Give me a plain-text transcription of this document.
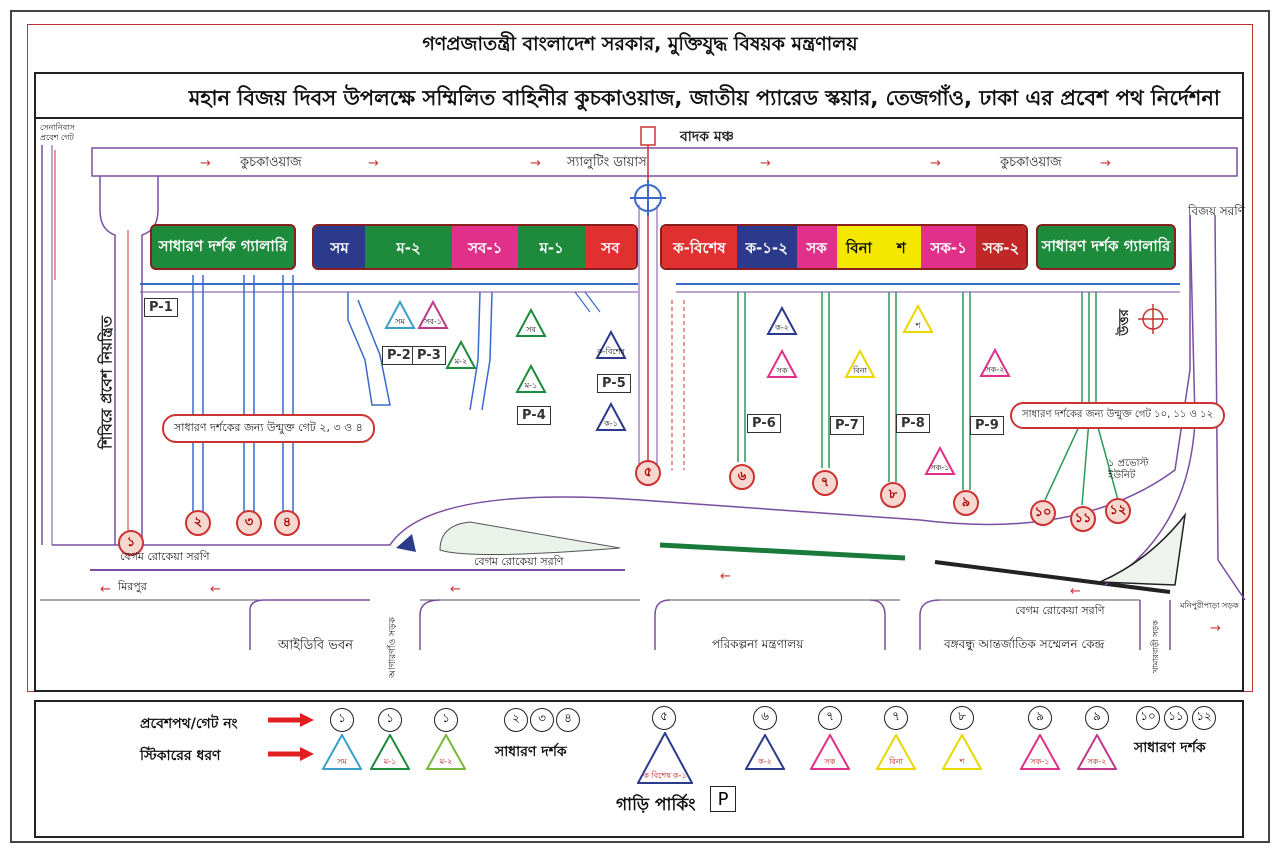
গণপ্রজাতন্ত্রী বাংলাদেশ সরকার, মুক্তিযুদ্ধ বিষয়ক মন্ত্রণালয়
মহান বিজয় দিবস উপলক্ষে সম্মিলিত বাহিনীর কুচকাওয়াজ, জাতীয় প্যারেড স্কয়ার, তেজগাঁও, ঢাকা এর প্রবেশ পথ নির্দেশনা
→	→	→	→	→	→
←	←	←
←
←
→
বাদক মঞ্চ
কুচকাওয়াজ	স্যালুটিং ডায়াস	কুচকাওয়াজ
সেনানিবাস প্রবেশ গেট
শিবিরে প্রবেশ নিয়ন্ত্রিত
বিজয় সরণি
উত্তর
সাধারণ দর্শক গ্যালারি	সম	ম-২	সব-১	ম-১	সব	ক-বিশেষ	ক-১-২	সক	বিনা	শ	সক-১	সক-২	সাধারণ দর্শক গ্যালারি
P-1
P-2 P-3
P-4
P-5
P-6	P-7	P-8	P-9
সম সব-১
ম-২
সব
ম-১
ক-বিশেষ
ক-১
ক-২
সক	বিনা
শ
সক-২
সক-১
১
২	৩	৪
৫	৬	৭
৮
৯
১০	১১
১২
সাধারণ দর্শকের জন্য উন্মুক্ত গেট ২, ৩ ও ৪
সাধারণ দর্শকের জন্য উন্মুক্ত গেট ১০, ১১ ও ১২
১ প্রভোস্ট ইউনিট
বেগম রোকেয়া সরণি	বেগম রোকেয়া সরণি
বেগম রোকেয়া সরণি
মিরপুর
আইডিবি ভবন	আগারগাঁও সড়ক	পরিকল্পনা মন্ত্রণালয়	বঙ্গবন্ধু আন্তর্জাতিক সম্মেলন কেন্দ্র
মনিপুরীপাড়া সড়ক
খামারবাড়ী সড়ক
প্রবেশপথ/গেট নং
স্টিকারের ধরণ
১	১	১
সম	ম-১	ম-২
২	৩	৪	৫
ক বিশেষ ক-১
৬
ক-২
৭
সক
৭
বিনা
৮
শ
৯
সক-১
৯
সক-২
১০	১১	১২
সাধারণ দর্শক	সাধারণ দর্শক
গাড়ি পার্কিং	P
